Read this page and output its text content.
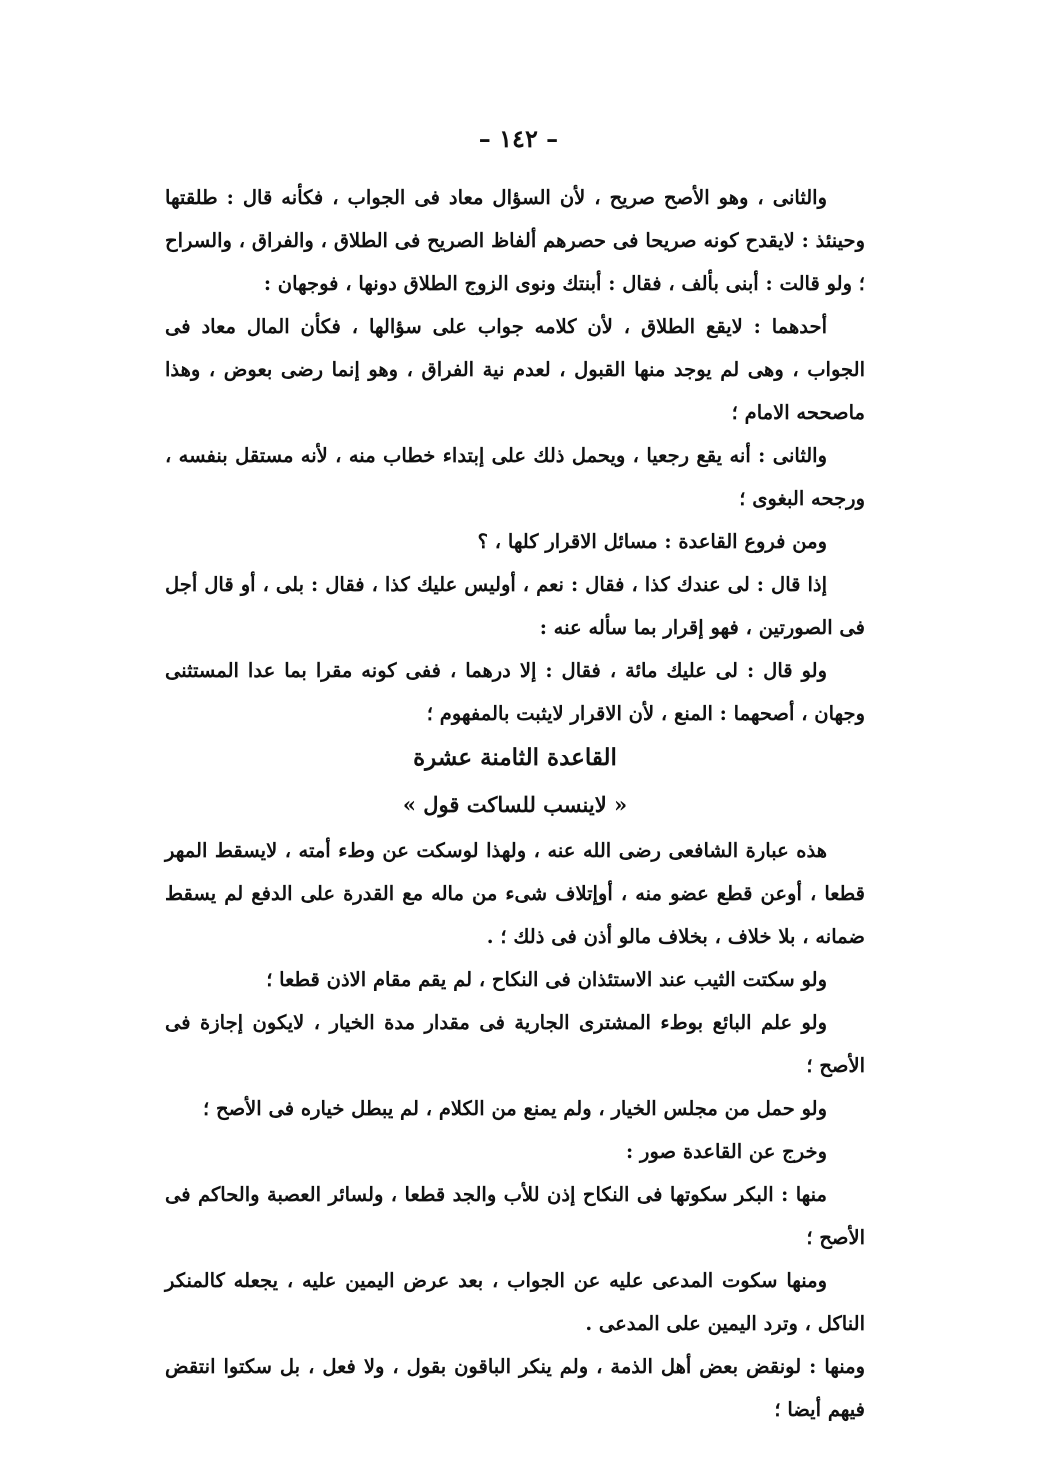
– ١٤٢ –

والثانى ، وهو الأصح صريح ، لأن السؤال معاد فى الجواب ، فكأنه قال : طلقتها وحينئذ : لايقدح كونه صريحا فى حصرهم ألفاظ الصريح فى الطلاق ، والفراق ، والسراح ؛ ولو قالت : أبنى بألف ، فقال : أبنتك ونوى الزوج الطلاق دونها ، فوجهان :

أحدهما : لايقع الطلاق ، لأن كلامه جواب على سؤالها ، فكأن المال معاد فى الجواب ، وهى لم يوجد منها القبول ، لعدم نية الفراق ، وهو إنما رضى بعوض ، وهذا ماصححه الامام ؛

والثانى : أنه يقع رجعيا ، ويحمل ذلك على إبتداء خطاب منه ، لأنه مستقل بنفسه ، ورجحه البغوى ؛

ومن فروع القاعدة : مسائل الاقرار كلها ، ؟

إذا قال : لى عندك كذا ، فقال : نعم ، أوليس عليك كذا ، فقال : بلى ، أو قال أجل فى الصورتين ، فهو إقرار بما سأله عنه :

ولو قال : لى عليك مائة ، فقال : إلا درهما ، ففى كونه مقرا بما عدا المستثنى وجهان ، أصحهما : المنع ، لأن الاقرار لايثبت بالمفهوم ؛

القاعدة الثامنة عشرة

« لاينسب للساكت قول »

هذه عبارة الشافعى رضى الله عنه ، ولهذا لوسكت عن وطء أمته ، لايسقط المهر قطعا ، أوعن قطع عضو منه ، أوإتلاف شىء من ماله مع القدرة على الدفع لم يسقط ضمانه ، بلا خلاف ، بخلاف مالو أذن فى ذلك ؛ .

ولو سكتت الثيب عند الاستئذان فى النكاح ، لم يقم مقام الاذن قطعا ؛

ولو علم البائع بوطء المشترى الجارية فى مقدار مدة الخيار ، لايكون إجازة فى الأصح ؛

ولو حمل من مجلس الخيار ، ولم يمنع من الكلام ، لم يبطل خياره فى الأصح ؛

وخرج عن القاعدة صور :

منها : البكر سكوتها فى النكاح إذن للأب والجد قطعا ، ولسائر العصبة والحاكم فى الأصح ؛

ومنها سكوت المدعى عليه عن الجواب ، بعد عرض اليمين عليه ، يجعله كالمنكر الناكل ، وترد اليمين على المدعى .

ومنها : لونقض بعض أهل الذمة ، ولم ينكر الباقون بقول ، ولا فعل ، بل سكتوا انتقض فيهم أيضا ؛
